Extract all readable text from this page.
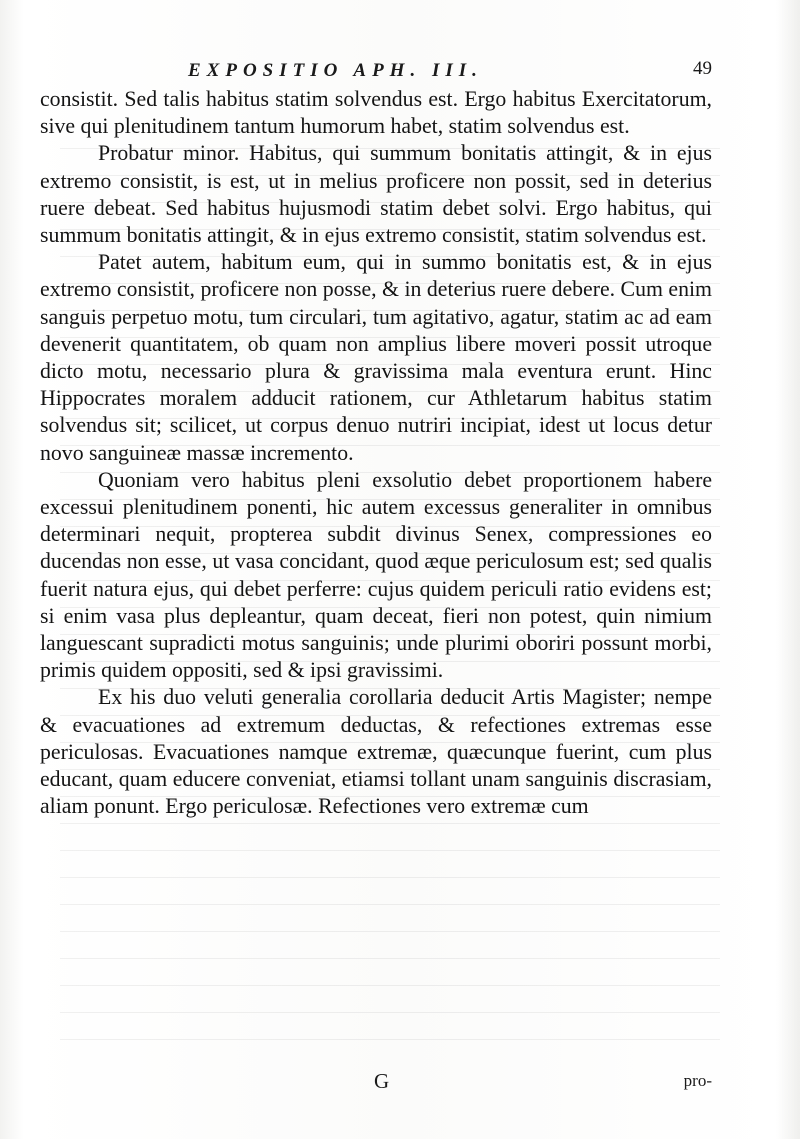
EXPOSITIO APH. III.	49

consistit. Sed talis habitus statim solvendus est. Ergo habitus Exercitatorum, sive qui plenitudinem tantum humorum habet, statim solvendus est.

Probatur minor. Habitus, qui summum bonitatis attingit, & in ejus extremo consistit, is est, ut in melius proficere non possit, sed in deterius ruere debeat. Sed habitus hujusmodi statim debet solvi. Ergo habitus, qui summum bonitatis attingit, & in ejus extremo consistit, statim solvendus est.

Patet autem, habitum eum, qui in summo bonitatis est, & in ejus extremo consistit, proficere non posse, & in deterius ruere debere. Cum enim sanguis perpetuo motu, tum circulari, tum agitativo, agatur, statim ac ad eam devenerit quantitatem, ob quam non amplius libere moveri possit utroque dicto motu, necessario plura & gravissima mala eventura erunt. Hinc Hippocrates moralem adducit rationem, cur Athletarum habitus statim solvendus sit; scilicet, ut corpus denuo nutriri incipiat, idest ut locus detur novo sanguineæ massæ incremento.

Quoniam vero habitus pleni exsolutio debet proportionem habere excessui plenitudinem ponenti, hic autem excessus generaliter in omnibus determinari nequit, propterea subdit divinus Senex, compressiones eo ducendas non esse, ut vasa concidant, quod æque periculosum est; sed qualis fuerit natura ejus, qui debet perferre: cujus quidem periculi ratio evidens est; si enim vasa plus depleantur, quam deceat, fieri non potest, quin nimium languescant supradicti motus sanguinis; unde plurimi oboriri possunt morbi, primis quidem oppositi, sed & ipsi gravissimi.

Ex his duo veluti generalia corollaria deducit Artis Magister; nempe & evacuationes ad extremum deductas, & refectiones extremas esse periculosas. Evacuationes namque extremæ, quæcunque fuerint, cum plus educant, quam educere conveniat, etiamsi tollant unam sanguinis discrasiam, aliam ponunt. Ergo periculosæ. Refectiones vero extremæ cum

G	pro-
